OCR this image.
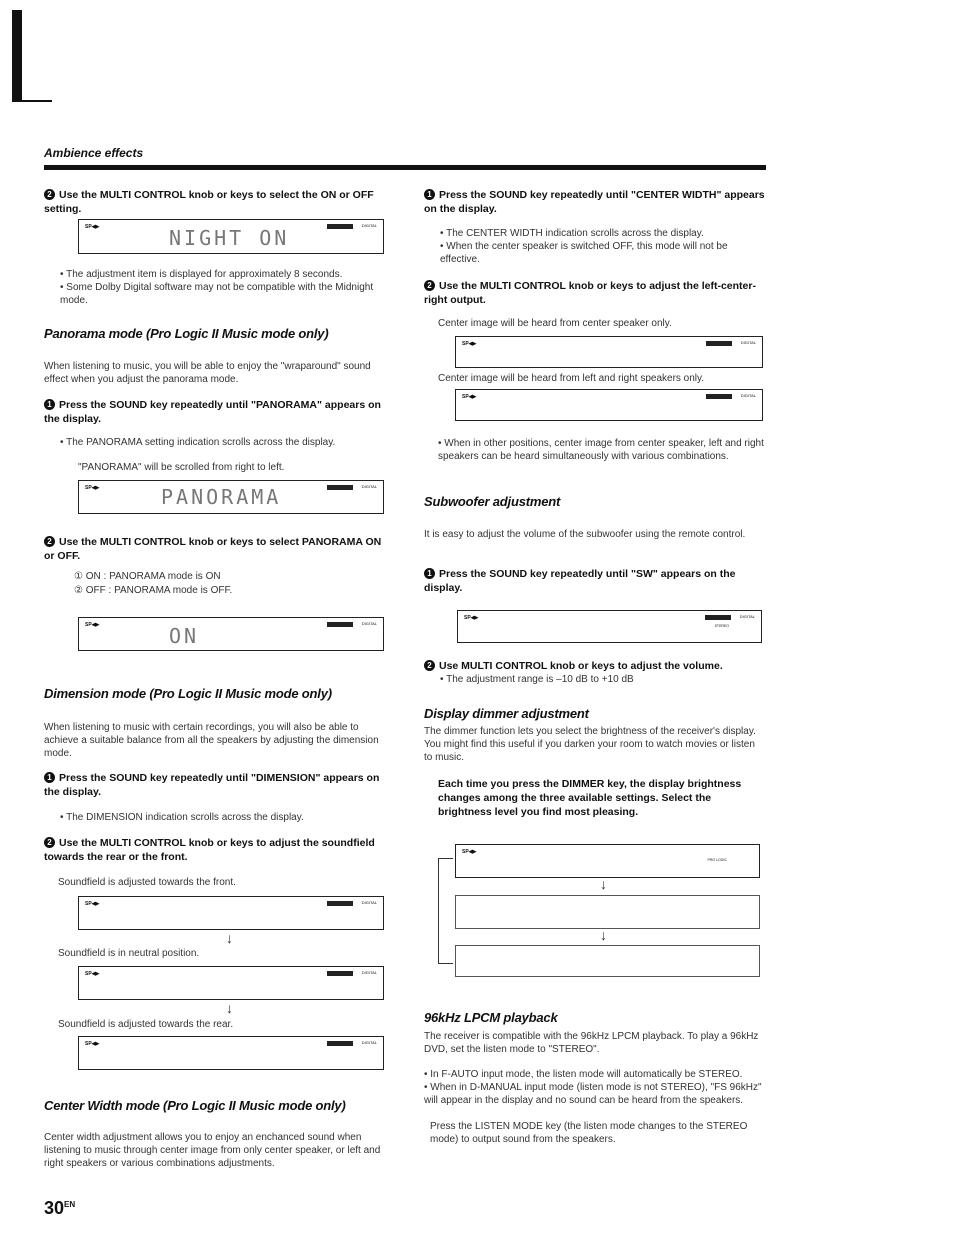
Ambience effects
2 Use the MULTI CONTROL knob or keys to select the ON or OFF setting.
SP◀▶	NIGHT ON
DIGITAL
• The adjustment item is displayed for approximately 8 seconds.
• Some Dolby Digital software may not be compatible with the Midnight mode.
Panorama mode (Pro Logic II Music mode only)
When listening to music, you will be able to enjoy the "wraparound" sound effect when you adjust the panorama mode.
1 Press the SOUND key repeatedly until "PANORAMA" appears on the display.
• The PANORAMA setting indication scrolls across the display.
"PANORAMA" will be scrolled from right to left.
SP◀▶	PANORAMA	DIGITAL
2 Use the MULTI CONTROL knob or keys to select PANORAMA ON or OFF.
① ON : PANORAMA mode is ON
② OFF : PANORAMA mode is OFF.
SP◀▶	ON
DIGITAL
Dimension mode (Pro Logic II Music mode only)
When listening to music with certain recordings, you will also be able to achieve a suitable balance from all the speakers by adjusting the dimension mode.
1 Press the SOUND key repeatedly until "DIMENSION" appears on the display.
• The DIMENSION indication scrolls across the display.
2 Use the MULTI CONTROL knob or keys to adjust the soundfield towards the rear or the front.
Soundfield is adjusted towards the front.
SP◀▶	DIGITAL
↓
Soundfield is in neutral position.
SP◀▶	DIGITAL
↓
Soundfield is adjusted towards the rear.
SP◀▶	DIGITAL
Center Width mode (Pro Logic II Music mode only)
Center width adjustment allows you to enjoy an enchanced sound when listening to music through center image from only center speaker, or left and right speakers or various combinations adjustments.
$30^{EN}$
1 Press the SOUND key repeatedly until "CENTER WIDTH" appears on the display.
• The CENTER WIDTH indication scrolls across the display.
• When the center speaker is switched OFF, this mode will not be effective.
2 Use the MULTI CONTROL knob or keys to adjust the left-center-right output.
Center image will be heard from center speaker only.
SP◀▶	DIGITAL
Center image will be heard from left and right speakers only.
SP◀▶	DIGITAL
• When in other positions, center image from center speaker, left and right speakers can be heard simultaneously with various combinations.
Subwoofer adjustment
It is easy to adjust the volume of the subwoofer using the remote control.
1 Press the SOUND key repeatedly until "SW" appears on the display.
SP◀▶	DIGITAL
STEREO
2 Use MULTI CONTROL knob or keys to adjust the volume.
• The adjustment range is –10 dB to +10 dB
Display dimmer adjustment
The dimmer function lets you select the brightness of the receiver's display. You might find this useful if you darken your room to watch movies or listen to music.
Each time you press the DIMMER key, the display brightness changes among the three available settings. Select the brightness level you find most pleasing.
SP◀▶
PRO LOGIC
↓
↓
96kHz LPCM playback
The receiver is compatible with the 96kHz LPCM playback. To play a 96kHz DVD, set the listen mode to "STEREO".
• In F-AUTO input mode, the listen mode will automatically be STEREO.
• When in D-MANUAL input mode (listen mode is not STEREO), "FS 96kHz" will appear in the display and no sound can be heard from the speakers.
Press the LISTEN MODE key (the listen mode changes to the STEREO mode) to output sound from the speakers.
